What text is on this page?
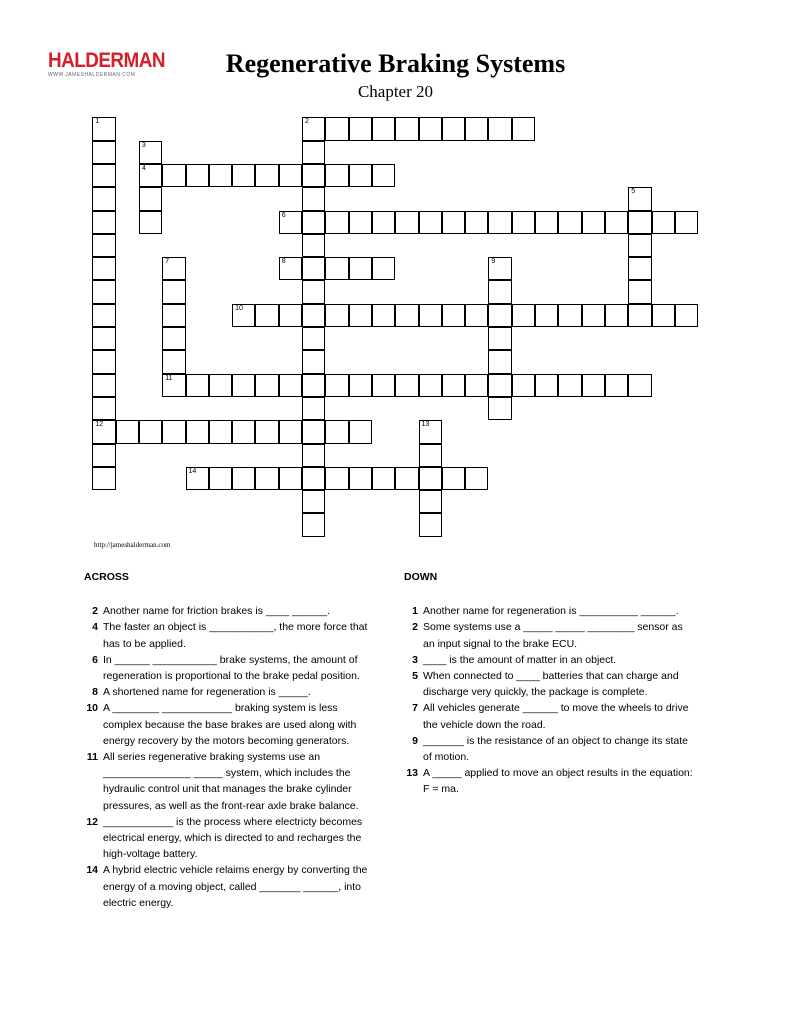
HALDERMAN
WWW.JAMESHALDERMAN.COM	Regenerative Braking Systems
Chapter 20
2
4
6
8
10
11
12
14
1
3
5
7	9
13
http://jameshalderman.com
ACROSS
2 Another name for friction brakes is ____ ______.
4 The faster an object is ___________, the more force that has to be applied.
6 In ______ ___________ brake systems, the amount of regeneration is proportional to the brake pedal position.
8 A shortened name for regeneration is _____.
10 A ________ ____________ braking system is less complex because the base brakes are used along with energy recovery by the motors becoming generators.
11 All series regenerative braking systems use an _______________ _____ system, which includes the hydraulic control unit that manages the brake cylinder pressures, as well as the front-rear axle brake balance.
12 ____________ is the process where electricty becomes electrical energy, which is directed to and recharges the high-voltage battery.
14 A hybrid electric vehicle relaims energy by converting the energy of a moving object, called _______ ______, into electric energy.
DOWN
1 Another name for regeneration is __________ ______.
2 Some systems use a _____ _____ ________ sensor as an input signal to the brake ECU.
3 ____ is the amount of matter in an object.
5 When connected to ____ batteries that can charge and discharge very quickly, the package is complete.
7 All vehicles generate ______ to move the wheels to drive the vehicle down the road.
9 _______ is the resistance of an object to change its state of motion.
13 A _____ applied to move an object results in the equation: F = ma.
